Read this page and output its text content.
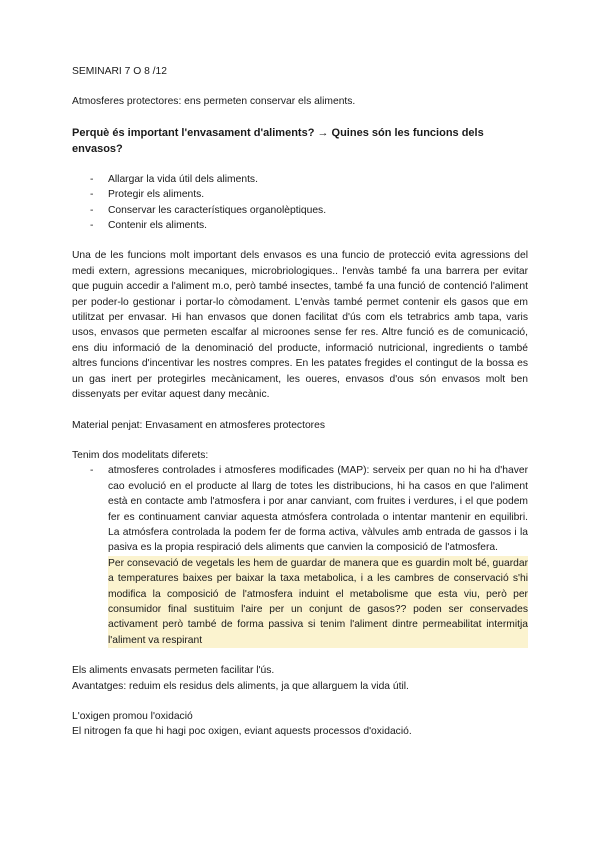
SEMINARI 7 O 8 /12

Atmosferes protectores: ens permeten conservar els aliments.

Perquè és important l'envasament d'aliments? → Quines són les funcions dels envasos?

- Allargar la vida útil dels aliments.
- Protegir els aliments.
- Conservar les característiques organolèptiques.
- Contenir els aliments.

Una de les funcions molt important dels envasos es una funcio de protecció evita agressions del medi extern, agressions mecaniques, microbriologiques.. l'envàs també fa una barrera per evitar que puguin accedir a l'aliment m.o, però també insectes, també fa una funció de contenció l'aliment per poder-lo gestionar i portar-lo còmodament. L'envàs també permet contenir els gasos que em utilitzat per envasar. Hi han envasos que donen facilitat d'ús com els tetrabrics amb tapa, varis usos, envasos que permeten escalfar al microones sense fer res. Altre funció es de comunicació, ens diu informació de la denominació del producte, informació nutricional, ingredients o també altres funcions d'incentivar les nostres compres. En les patates fregides el contingut de la bossa es un gas inert per protegirles mecànicament, les oueres, envasos d'ous són envasos molt ben dissenyats per evitar aquest dany mecànic.

Material penjat: Envasament en atmosferes protectores

Tenim dos modelitats diferets:

- atmosferes controlades i atmosferes modificades (MAP): serveix per quan no hi ha d'haver cao evolució en el producte al llarg de totes les distribucions, hi ha casos en que l'aliment està en contacte amb l'atmosfera i por anar canviant, com fruites i verdures, i el que podem fer es continuament canviar aquesta atmósfera controlada o intentar mantenir en equilibri. La atmósfera controlada la podem fer de forma activa, vàlvules amb entrada de gassos i la pasiva es la propia respiració dels aliments que canvien la composició de l'atmosfera.
Per consevació de vegetals les hem de guardar de manera que es guardin molt bé, guardar a temperatures baixes per baixar la taxa metabolica, i a les cambres de conservació s'hi modifica la composició de l'atmosfera induint el metabolisme que esta viu, però per consumidor final sustituim l'aire per un conjunt de gasos?? poden ser conservades activament però també de forma passiva si tenim l'aliment dintre permeabilitat intermitja l'aliment va respirant

Els aliments envasats permeten facilitar l'ús.

Avantatges: reduim els residus dels aliments, ja que allarguem la vida útil.

L'oxigen promou l'oxidació

El nitrogen fa que hi hagi poc oxigen, eviant aquests processos d'oxidació.
